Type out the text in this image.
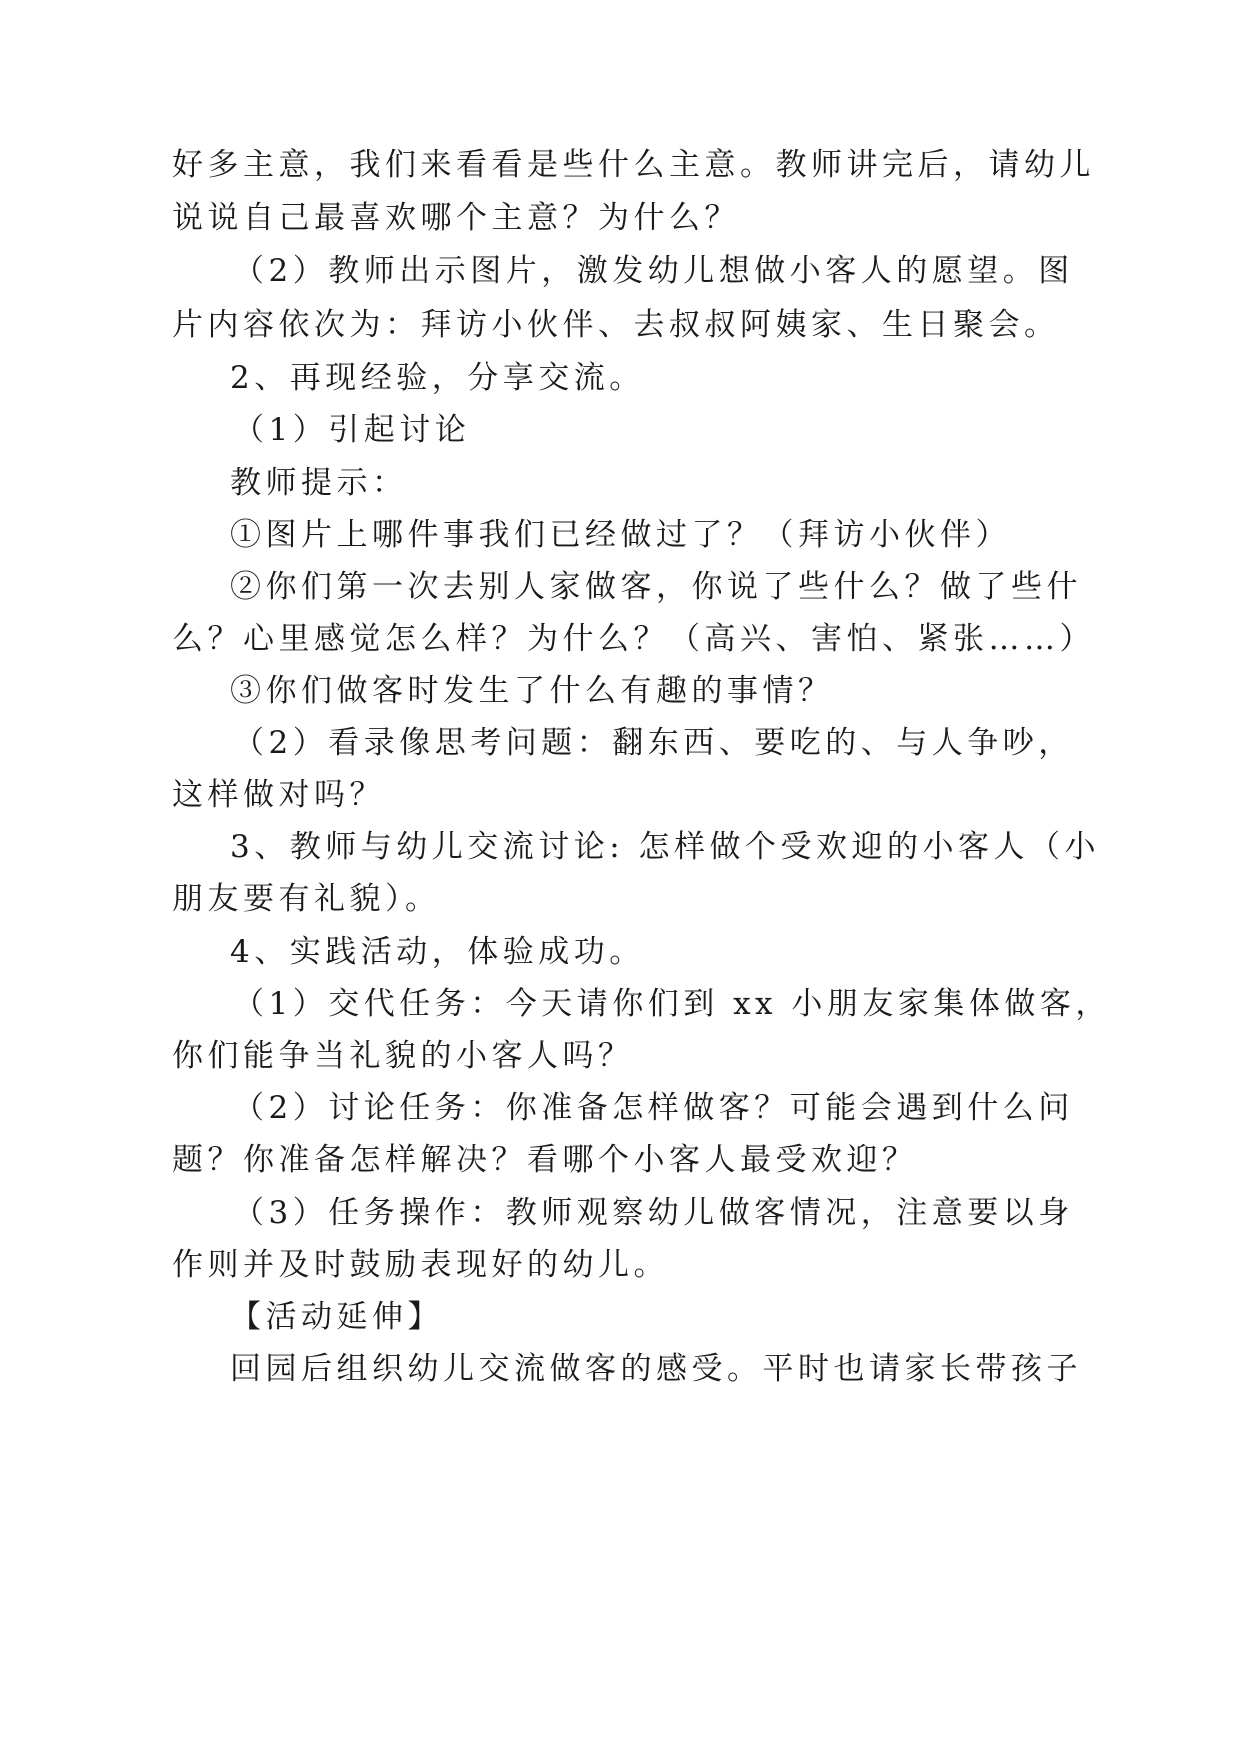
好多主意，我们来看看是些什么主意。教师讲完后，请幼儿
说说自己最喜欢哪个主意？为什么？
（2）教师出示图片，激发幼儿想做小客人的愿望。图
片内容依次为：拜访小伙伴、去叔叔阿姨家、生日聚会。
2、再现经验，分享交流。
（1）引起讨论
教师提示：
①图片上哪件事我们已经做过了？（拜访小伙伴）
②你们第一次去别人家做客，你说了些什么？做了些什
么？心里感觉怎么样？为什么？（高兴、害怕、紧张……）
③你们做客时发生了什么有趣的事情？
（2）看录像思考问题：翻东西、要吃的、与人争吵，
这样做对吗？
3、教师与幼儿交流讨论: 怎样做个受欢迎的小客人（小
朋友要有礼貌）。
4、实践活动，体验成功。
（1）交代任务：今天请你们到 xx 小朋友家集体做客，
你们能争当礼貌的小客人吗？
（2）讨论任务：你准备怎样做客？可能会遇到什么问
题？你准备怎样解决？看哪个小客人最受欢迎？
（3）任务操作：教师观察幼儿做客情况，注意要以身
作则并及时鼓励表现好的幼儿。
【活动延伸】
回园后组织幼儿交流做客的感受。平时也请家长带孩子
